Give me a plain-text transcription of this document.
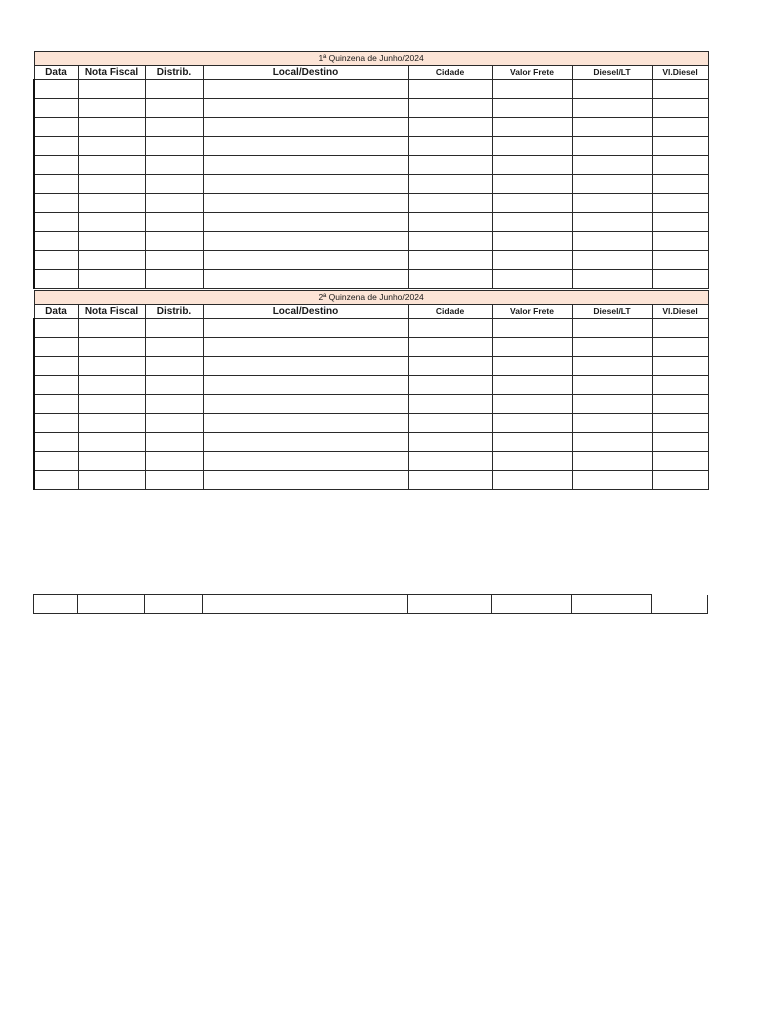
1ª Quinzena de Junho/2024							
Data	Nota Fiscal	Distrib.	Local/Destino	Cidade	Valor Frete	Diesel/LT	Vl.Diesel

2ª Quinzena de Junho/2024							
Data	Nota Fiscal	Distrib.	Local/Destino	Cidade	Valor Frete	Diesel/LT	Vl.Diesel
